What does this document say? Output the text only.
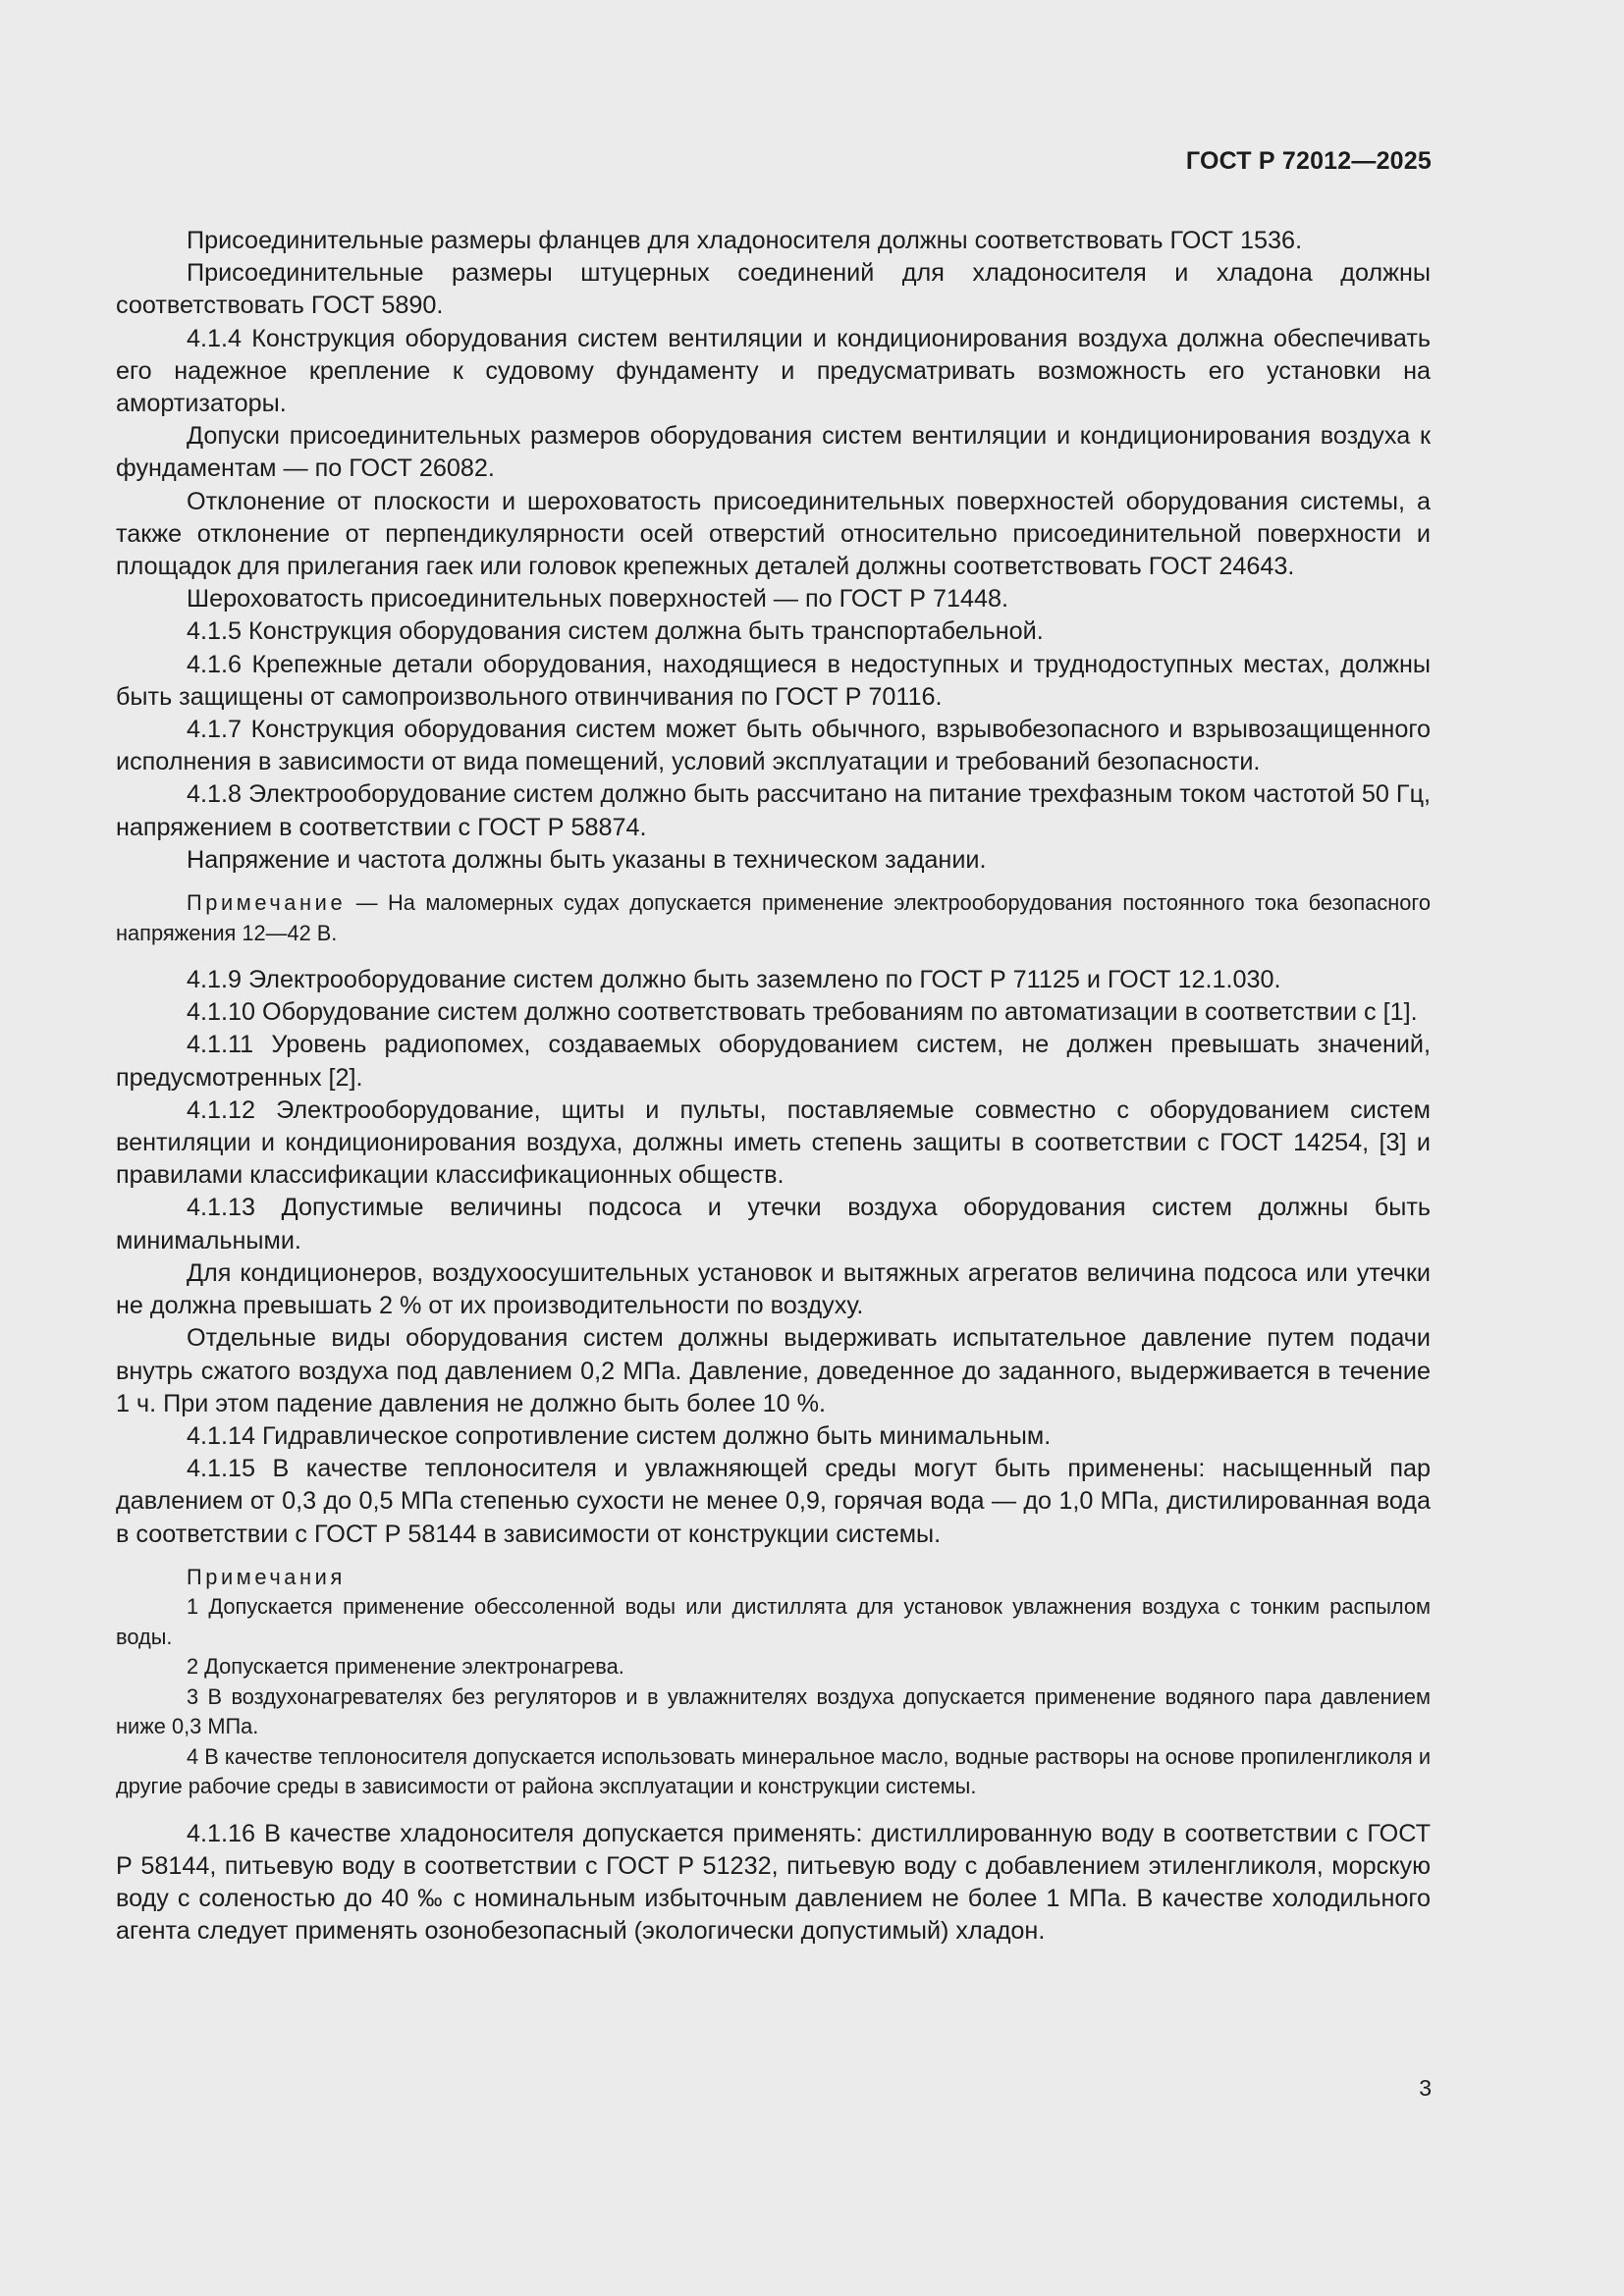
ГОСТ Р 72012—2025

Присоединительные размеры фланцев для хладоносителя должны соответствовать ГОСТ 1536.

Присоединительные размеры штуцерных соединений для хладоносителя и хладона должны соответствовать ГОСТ 5890.

4.1.4 Конструкция оборудования систем вентиляции и кондиционирования воздуха должна обеспечивать его надежное крепление к судовому фундаменту и предусматривать возможность его установки на амортизаторы.

Допуски присоединительных размеров оборудования систем вентиляции и кондиционирования воздуха к фундаментам — по ГОСТ 26082.

Отклонение от плоскости и шероховатость присоединительных поверхностей оборудования системы, а также отклонение от перпендикулярности осей отверстий относительно присоединительной поверхности и площадок для прилегания гаек или головок крепежных деталей должны соответствовать ГОСТ 24643.

Шероховатость присоединительных поверхностей — по ГОСТ Р 71448.

4.1.5 Конструкция оборудования систем должна быть транспортабельной.

4.1.6 Крепежные детали оборудования, находящиеся в недоступных и труднодоступных местах, должны быть защищены от самопроизвольного отвинчивания по ГОСТ Р 70116.

4.1.7 Конструкция оборудования систем может быть обычного, взрывобезопасного и взрывозащищенного исполнения в зависимости от вида помещений, условий эксплуатации и требований безопасности.

4.1.8 Электрооборудование систем должно быть рассчитано на питание трехфазным током частотой 50 Гц, напряжением в соответствии с ГОСТ Р 58874.

Напряжение и частота должны быть указаны в техническом задании.

Примечание — На маломерных судах допускается применение электрооборудования постоянного тока безопасного напряжения 12—42 В.

4.1.9 Электрооборудование систем должно быть заземлено по ГОСТ Р 71125 и ГОСТ 12.1.030.

4.1.10 Оборудование систем должно соответствовать требованиям по автоматизации в соответствии с [1].

4.1.11 Уровень радиопомех, создаваемых оборудованием систем, не должен превышать значений, предусмотренных [2].

4.1.12 Электрооборудование, щиты и пульты, поставляемые совместно с оборудованием систем вентиляции и кондиционирования воздуха, должны иметь степень защиты в соответствии с ГОСТ 14254, [3] и правилами классификации классификационных обществ.

4.1.13 Допустимые величины подсоса и утечки воздуха оборудования систем должны быть минимальными.

Для кондиционеров, воздухоосушительных установок и вытяжных агрегатов величина подсоса или утечки не должна превышать 2 % от их производительности по воздуху.

Отдельные виды оборудования систем должны выдерживать испытательное давление путем подачи внутрь сжатого воздуха под давлением 0,2 МПа. Давление, доведенное до заданного, выдерживается в течение 1 ч. При этом падение давления не должно быть более 10 %.

4.1.14 Гидравлическое сопротивление систем должно быть минимальным.

4.1.15 В качестве теплоносителя и увлажняющей среды могут быть применены: насыщенный пар давлением от 0,3 до 0,5 МПа степенью сухости не менее 0,9, горячая вода — до 1,0 МПа, дистилированная вода в соответствии с ГОСТ Р 58144 в зависимости от конструкции системы.

Примечания

1 Допускается применение обессоленной воды или дистиллята для установок увлажнения воздуха с тонким распылом воды.

2 Допускается применение электронагрева.

3 В воздухонагревателях без регуляторов и в увлажнителях воздуха допускается применение водяного пара давлением ниже 0,3 МПа.

4 В качестве теплоносителя допускается использовать минеральное масло, водные растворы на основе пропиленгликоля и другие рабочие среды в зависимости от района эксплуатации и конструкции системы.

4.1.16 В качестве хладоносителя допускается применять: дистиллированную воду в соответствии с ГОСТ Р 58144, питьевую воду в соответствии с ГОСТ Р 51232, питьевую воду с добавлением этиленгликоля, морскую воду с соленостью до 40 ‰ с номинальным избыточным давлением не более 1 МПа. В качестве холодильного агента следует применять озонобезопасный (экологически допустимый) хладон.

3
